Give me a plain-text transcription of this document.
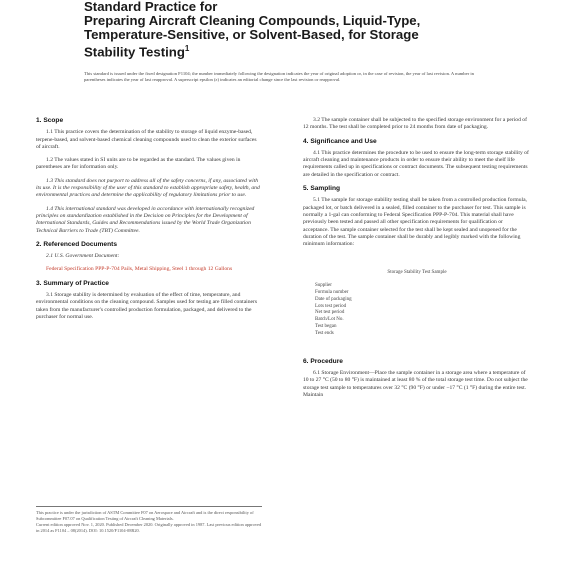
Standard Practice for
Preparing Aircraft Cleaning Compounds, Liquid-Type,
Temperature-Sensitive, or Solvent-Based, for Storage
Stability Testing$^1$
This standard is issued under the fixed designation F1104; the number immediately following the designation indicates the year of original adoption or, in the case of revision, the year of last revision. A number in parentheses indicates the year of last reapproval. A superscript epsilon (ε) indicates an editorial change since the last revision or reapproval.
1. Scope

1.1 This practice covers the determination of the stability to storage of liquid enzyme-based, terpene-based, and solvent-based chemical cleaning compounds used to clean the exterior surfaces of aircraft.

1.2 The values stated in SI units are to be regarded as the standard. The values given in parentheses are for information only.

1.3 This standard does not purport to address all of the safety concerns, if any, associated with its use. It is the responsibility of the user of this standard to establish appropriate safety, health, and environmental practices and determine the applicability of regulatory limitations prior to use.

1.4 This international standard was developed in accordance with internationally recognized principles on standardization established in the Decision on Principles for the Development of International Standards, Guides and Recommendations issued by the World Trade Organization Technical Barriers to Trade (TBT) Committee.

2. Referenced Documents

2.1 U.S. Government Document:

Federal Specification PPP-P-704 Pails, Metal Shipping, Steel 1 through 12 Gallons
3. Summary of Practice

3.1 Storage stability is determined by evaluation of the effect of time, temperature, and environmental conditions on the cleaning compound. Samples used for testing are filled containers taken from the manufacturer's controlled production formulation, packaged, and delivered to the purchaser for normal use.

This practice is under the jurisdiction of ASTM Committee F07 on Aerospace and Aircraft and is the direct responsibility of Subcommittee F07.07 on Qualification Testing of Aircraft Cleaning Materials.
Current edition approved Nov. 1, 2020. Published December 2020. Originally approved in 1987. Last previous edition approved in 2014 as F1104 – 08(2014). DOI: 10.1520/F1104-08R20.

3.2 The sample container shall be subjected to the specified storage environment for a period of 12 months. The test shall be completed prior to 24 months from date of packaging.

4. Significance and Use

4.1 This practice determines the procedure to be used to ensure the long-term storage stability of aircraft cleaning and maintenance products in order to ensure their ability to meet the shelf life requirements called up in specifications or contract documents. The subsequent testing requirements are detailed in the specification or contract.

5. Sampling

5.1 The sample for storage stability testing shall be taken from a controlled production formula, packaged lot, or batch delivered in a sealed, filled container to the purchaser for test. This sample is normally a 1-gal can conforming to Federal Specification PPP-P-704. This material shall have previously been tested and passed all other specification requirements for qualification or acceptance. The sample container selected for the test shall be kept sealed and unopened for the duration of the test. The sample container shall be durably and legibly marked with the following minimum information:

Storage Stability Test Sample
Supplier
Formula number
Date of packaging
Lots test period
Net test period
Batch/Lot No.
Test began
Test ends
6. Procedure

6.1 Storage Environment—Place the sample container in a storage area where a temperature of 10 to 27 °C (50 to 80 °F) is maintained at least 80 % of the total storage test time. Do not subject the storage test sample to temperatures over 32 °C (90 °F) or under −17 °C (1 °F) during the entire test. Maintain
